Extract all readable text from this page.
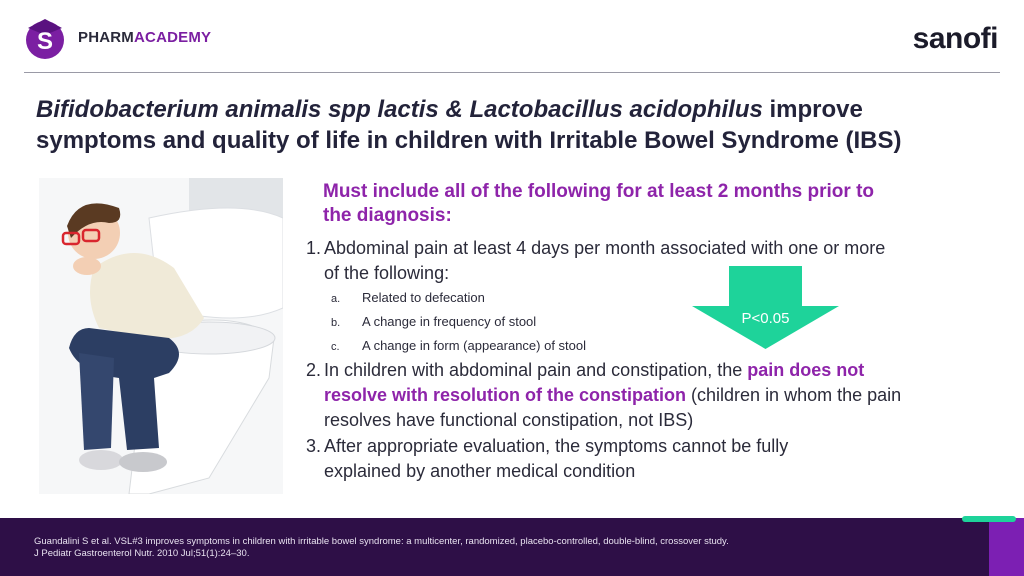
S PHARMACADEMY	sanofi
Bifidobacterium animalis spp lactis & Lactobacillus acidophilus improve symptoms and quality of life in children with Irritable Bowel Syndrome (IBS)
Must include all of the following for at least 2 months prior to the diagnosis:
1. Abdominal pain at least 4 days per month associated with one or more of the following:
a. Related to defecation
b. A change in frequency of stool
c. A change in form (appearance) of stool
2. In children with abdominal pain and constipation, the pain does not resolve with resolution of the constipation (children in whom the pain resolves have functional constipation, not IBS)
3. After appropriate evaluation, the symptoms cannot be fully explained by another medical condition
P<0.05
Guandalini S et al. VSL#3 improves symptoms in children with irritable bowel syndrome: a multicenter, randomized, placebo-controlled, double-blind, crossover study.
J Pediatr Gastroenterol Nutr. 2010 Jul;51(1):24–30.
